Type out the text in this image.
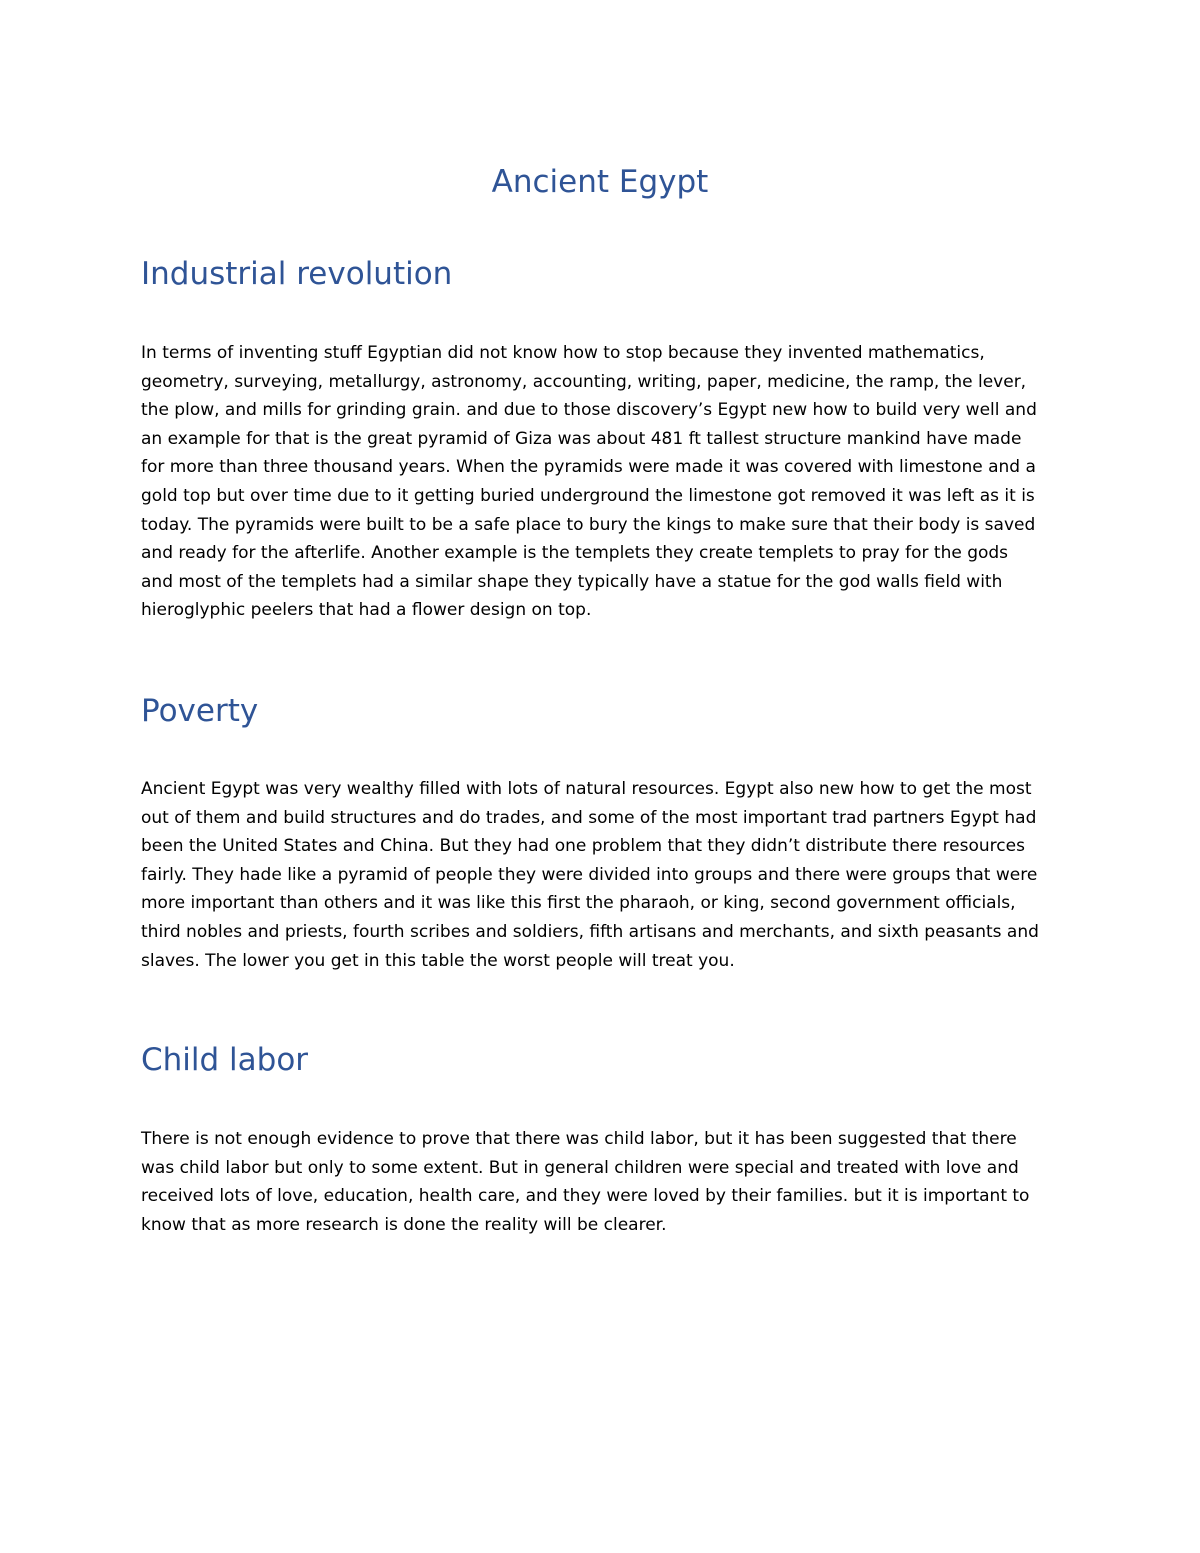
Ancient Egypt
Industrial revolution
In terms of inventing stuff Egyptian did not know how to stop because they invented mathematics,
geometry, surveying, metallurgy, astronomy, accounting, writing, paper, medicine, the ramp, the lever,
the plow, and mills for grinding grain. and due to those discovery’s Egypt new how to build very well and
an example for that is the great pyramid of Giza was about 481 ft tallest structure mankind have made
for more than three thousand years. When the pyramids were made it was covered with limestone and a
gold top but over time due to it getting buried underground the limestone got removed it was left as it is
today. The pyramids were built to be a safe place to bury the kings to make sure that their body is saved
and ready for the afterlife. Another example is the templets they create templets to pray for the gods
and most of the templets had a similar shape they typically have a statue for the god walls field with
hieroglyphic peelers that had a flower design on top.
Poverty
Ancient Egypt was very wealthy filled with lots of natural resources. Egypt also new how to get the most
out of them and build structures and do trades, and some of the most important trad partners Egypt had
been the United States and China. But they had one problem that they didn’t distribute there resources
fairly. They hade like a pyramid of people they were divided into groups and there were groups that were
more important than others and it was like this first the pharaoh, or king, second government officials,
third nobles and priests, fourth scribes and soldiers, fifth artisans and merchants, and sixth peasants and
slaves. The lower you get in this table the worst people will treat you.
Child labor
There is not enough evidence to prove that there was child labor, but it has been suggested that there
was child labor but only to some extent. But in general children were special and treated with love and
received lots of love, education, health care, and they were loved by their families. but it is important to
know that as more research is done the reality will be clearer.
